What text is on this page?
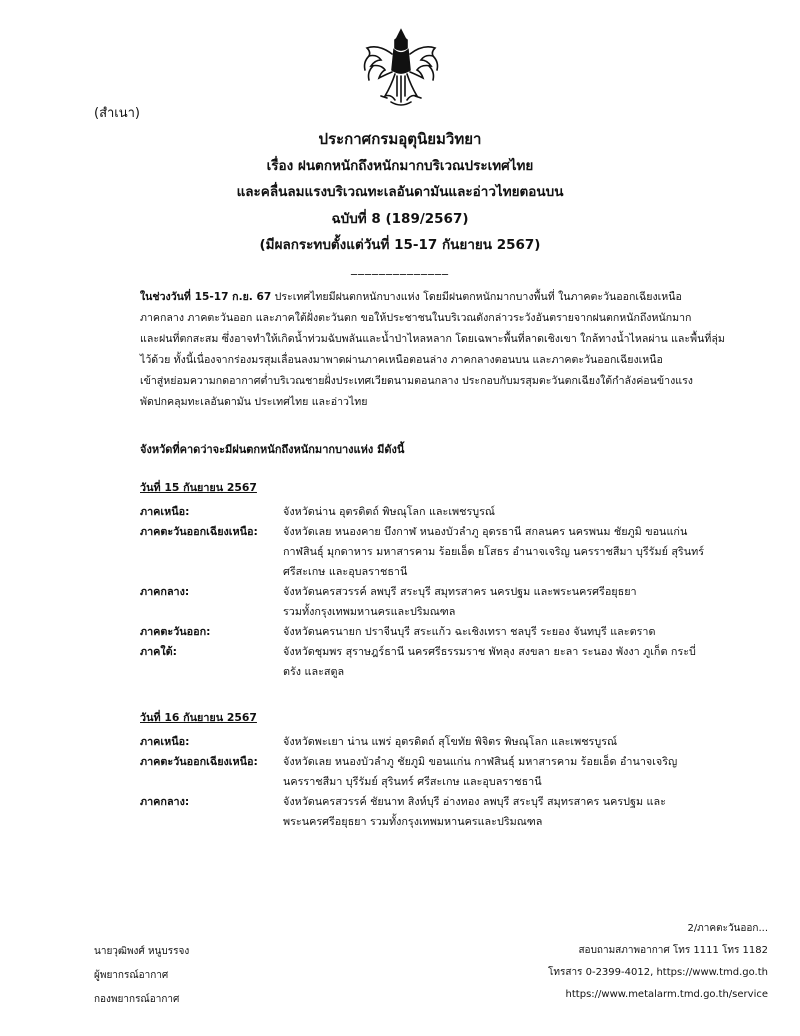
(สำเนา)
ประกาศกรมอุตุนิยมวิทยา
เรื่อง ฝนตกหนักถึงหนักมากบริเวณประเทศไทย
และคลื่นลมแรงบริเวณทะเลอันดามันและอ่าวไทยตอนบน
ฉบับที่ 8 (189/2567)
(มีผลกระทบตั้งแต่วันที่ 15-17 กันยายน 2567)
______________

ในช่วงวันที่ 15-17 ก.ย. 67 ประเทศไทยมีฝนตกหนักบางแห่ง โดยมีฝนตกหนักมากบางพื้นที่ ในภาคตะวันออกเฉียงเหนือ

ภาคกลาง ภาคตะวันออก และภาคใต้ฝั่งตะวันตก ขอให้ประชาชนในบริเวณดังกล่าวระวังอันตรายจากฝนตกหนักถึงหนักมาก

และฝนที่ตกสะสม ซึ่งอาจทำให้เกิดน้ำท่วมฉับพลันและน้ำป่าไหลหลาก โดยเฉพาะพื้นที่ลาดเชิงเขา ใกล้ทางน้ำไหลผ่าน และพื้นที่ลุ่ม

ไว้ด้วย ทั้งนี้เนื่องจากร่องมรสุมเลื่อนลงมาพาดผ่านภาคเหนือตอนล่าง ภาคกลางตอนบน และภาคตะวันออกเฉียงเหนือ

เข้าสู่หย่อมความกดอากาศต่ำบริเวณชายฝั่งประเทศเวียดนามตอนกลาง ประกอบกับมรสุมตะวันตกเฉียงใต้กำลังค่อนข้างแรง

พัดปกคลุมทะเลอันดามัน ประเทศไทย และอ่าวไทย

จังหวัดที่คาดว่าจะมีฝนตกหนักถึงหนักมากบางแห่ง มีดังนี้
วันที่ 15 กันยายน 2567
ภาคเหนือ:	จังหวัดน่าน อุตรดิตถ์ พิษณุโลก และเพชรบูรณ์
ภาคตะวันออกเฉียงเหนือ:	จังหวัดเลย หนองคาย บึงกาฬ หนองบัวลำภู อุดรธานี สกลนคร นครพนม ชัยภูมิ ขอนแก่น
กาฬสินธุ์ มุกดาหาร มหาสารคาม ร้อยเอ็ด ยโสธร อำนาจเจริญ นครราชสีมา บุรีรัมย์ สุรินทร์
ศรีสะเกษ และอุบลราชธานี
ภาคกลาง:	จังหวัดนครสวรรค์ ลพบุรี สระบุรี สมุทรสาคร นครปฐม และพระนครศรีอยุธยา
รวมทั้งกรุงเทพมหานครและปริมณฑล
ภาคตะวันออก:	จังหวัดนครนายก ปราจีนบุรี สระแก้ว ฉะเชิงเทรา ชลบุรี ระยอง จันทบุรี และตราด
ภาคใต้:	จังหวัดชุมพร สุราษฎร์ธานี นครศรีธรรมราช พัทลุง สงขลา ยะลา ระนอง พังงา ภูเก็ต กระบี่
ตรัง และสตูล
วันที่ 16 กันยายน 2567
ภาคเหนือ:	จังหวัดพะเยา น่าน แพร่ อุตรดิตถ์ สุโขทัย พิจิตร พิษณุโลก และเพชรบูรณ์
ภาคตะวันออกเฉียงเหนือ:	จังหวัดเลย หนองบัวลำภู ชัยภูมิ ขอนแก่น กาฬสินธุ์ มหาสารคาม ร้อยเอ็ด อำนาจเจริญ
นครราชสีมา บุรีรัมย์ สุรินทร์ ศรีสะเกษ และอุบลราชธานี
ภาคกลาง:	จังหวัดนครสวรรค์ ชัยนาท สิงห์บุรี อ่างทอง ลพบุรี สระบุรี สมุทรสาคร นครปฐม และ
พระนครศรีอยุธยา รวมทั้งกรุงเทพมหานครและปริมณฑล
นายวุฒิพงศ์ หนูบรรจง
ผู้พยากรณ์อากาศ
กองพยากรณ์อากาศ
2/ภาคตะวันออก...
สอบถามสภาพอากาศ โทร 1111 โทร 1182
โทรสาร 0-2399-4012, https://www.tmd.go.th
https://www.metalarm.tmd.go.th/service
